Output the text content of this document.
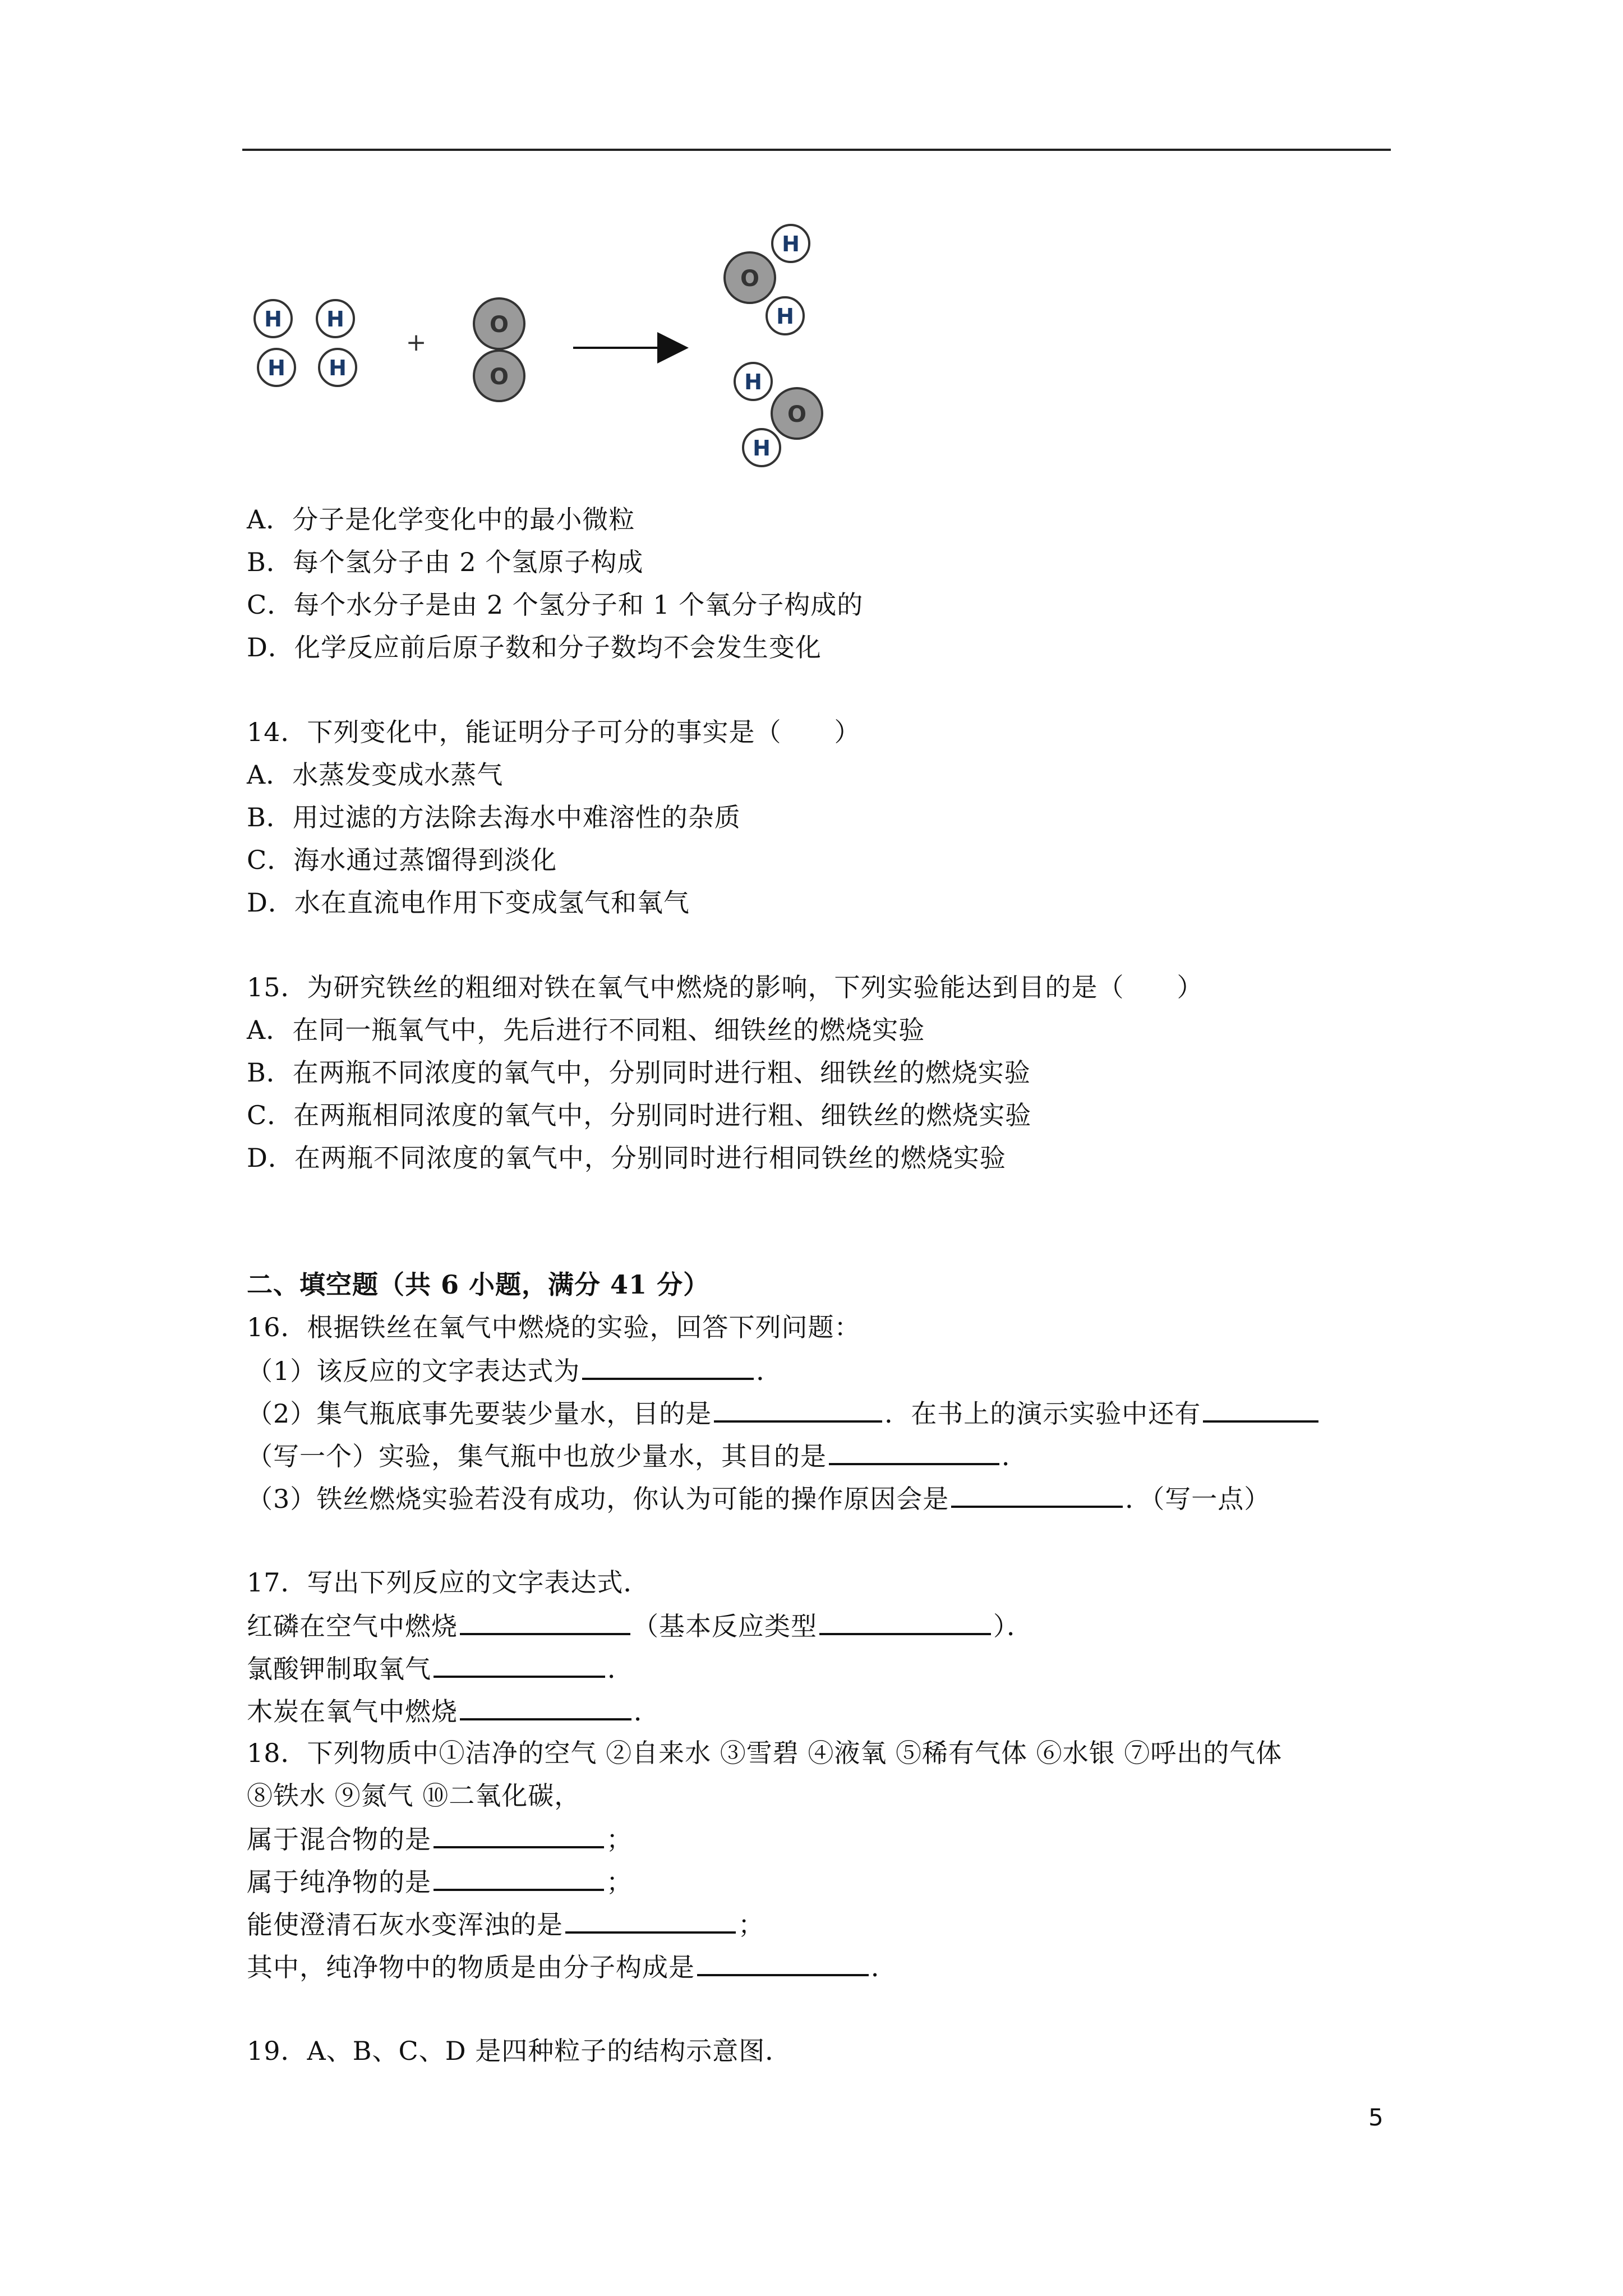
H
H
H
H
+
O
O
O
H
H
O
H
H
A．分子是化学变化中的最小微粒
B．每个氢分子由 2 个氢原子构成
C．每个水分子是由 2 个氢分子和 1 个氧分子构成的
D．化学反应前后原子数和分子数均不会发生变化
14．下列变化中，能证明分子可分的事实是（　　）
A．水蒸发变成水蒸气
B．用过滤的方法除去海水中难溶性的杂质
C．海水通过蒸馏得到淡化
D．水在直流电作用下变成氢气和氧气
15．为研究铁丝的粗细对铁在氧气中燃烧的影响，下列实验能达到目的是（　　）
A．在同一瓶氧气中，先后进行不同粗、细铁丝的燃烧实验
B．在两瓶不同浓度的氧气中，分别同时进行粗、细铁丝的燃烧实验
C．在两瓶相同浓度的氧气中，分别同时进行粗、细铁丝的燃烧实验
D．在两瓶不同浓度的氧气中，分别同时进行相同铁丝的燃烧实验
二、填空题（共 6 小题，满分 41 分）
16．根据铁丝在氧气中燃烧的实验，回答下列问题：
（1）该反应的文字表达式为	．
（2）集气瓶底事先要装少量水，目的是	．在书上的演示实验中还有
（写一个）实验，集气瓶中也放少量水，其目的是	．
（3）铁丝燃烧实验若没有成功，你认为可能的操作原因会是	．（写一点）
17．写出下列反应的文字表达式．
红磷在空气中燃烧	（基本反应类型	）．
氯酸钾制取氧气	．
木炭在氧气中燃烧	．
18．下列物质中①洁净的空气 ②自来水 ③雪碧 ④液氧 ⑤稀有气体 ⑥水银 ⑦呼出的气体
⑧铁水 ⑨氮气 ⑩二氧化碳，
属于混合物的是	；
属于纯净物的是	；
能使澄清石灰水变浑浊的是	；
其中，纯净物中的物质是由分子构成是	．
19．A、B、C、D 是四种粒子的结构示意图．
5
